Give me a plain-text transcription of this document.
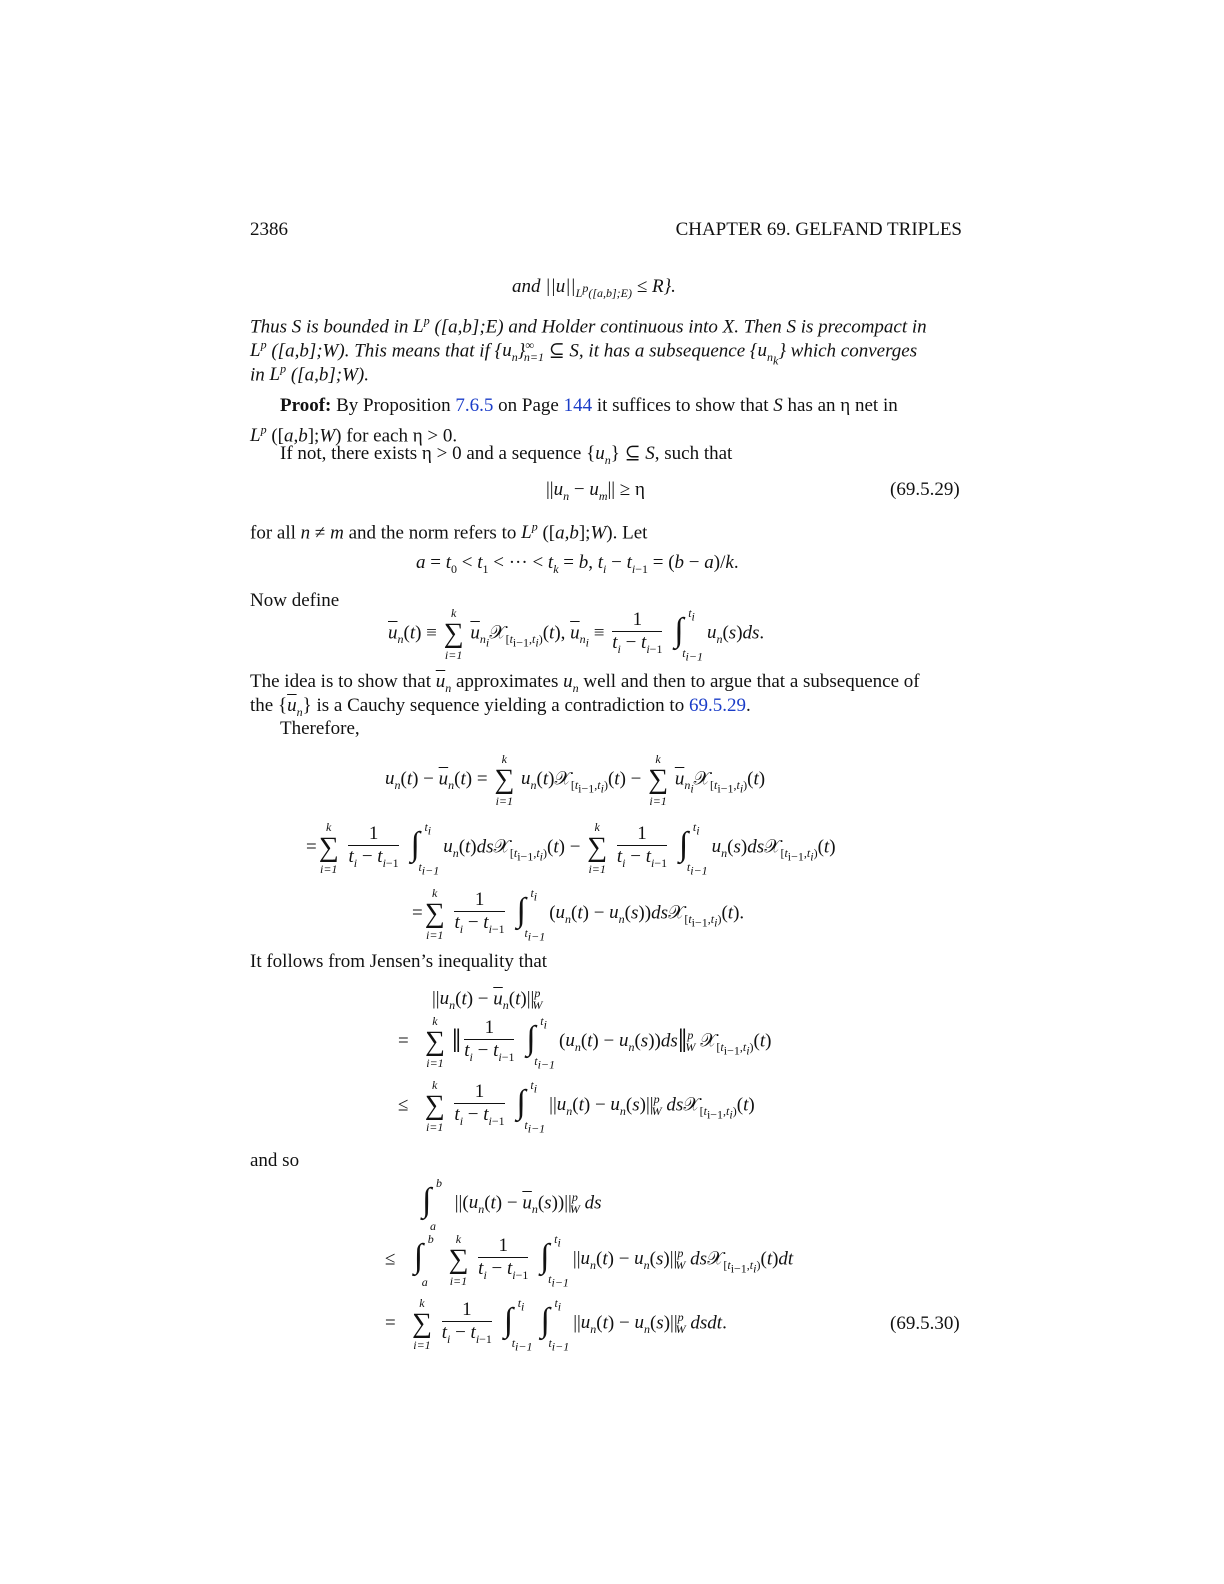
2386	CHAPTER 69. GELFAND TRIPLES
and $||u||_{L^p([a,b];E)} \le R$}.
Thus S is bounded in $L^p$ ([a,b];E) and Holder continuous into X. Then S is precompact in
$L^p$ ([a,b];W). This means that if $\{u_n\}^\infty_{n=1}$ ⊆ S, it has a subsequence $\{u_{n_k}\}$ which converges
in $L^p$ ([a,b];W).
Proof: By Proposition 7.6.5 on Page 144 it suffices to show that S has an η net in
$L^p$ ([a,b];W) for each η > 0.
If not, there exists η > 0 and a sequence $\{u_n\}$ ⊆ S, such that
$||u_n - u_m|| \ge \eta$	(69.5.29)
for all n ≠ m and the norm refers to $L^p$ ([a,b];W). Let
$a = t_0 < t_1$ < ··· < $t_k = b$, $t_i - t_{i-1} = (b - a)/k$.
Now define
$\overline{u}_n(t)$ ≡
k
∑
i=1
$\overline{u}_{n_i}𝒳_{[t_{i-1},t_i)}(t)$, $\overline{u}_{n_i} \equiv \frac{1}{t_i - t_{i-1}}$
∫ $t_i$
$t_{i-1}$
$u_n(s)ds$.
The idea is to show that $\overline{u}_n$ approximates $u_n$ well and then to argue that a subsequence of
the $\{\overline{u}_n\}$ is a Cauchy sequence yielding a contradiction to 69.5.29.
Therefore,
$u_n(t) - \overline{u}_n(t)$ =
k
∑
i=1
$u_n(t)𝒳_{[t_{i-1},t_i)}(t)$ −
k
∑
i=1
$\overline{u}_{n_i}𝒳_{[t_{i-1},t_i)}(t)$
=
k
∑
i=1
$\frac{1}{t_i - t_{i-1}}$
∫ $t_i$
$t_{i-1}$
$u_n(t)ds𝒳_{[t_{i-1},t_i)}(t)$ −
k
∑
i=1
$\frac{1}{t_i - t_{i-1}}$
∫ $t_i$
$t_{i-1}$
$u_n(s)ds𝒳_{[t_{i-1},t_i)}(t)$
=
k
∑
i=1
$\frac{1}{t_i - t_{i-1}}$
∫ $t_i$
$t_{i-1}$
($u_n(t)$ − $u_n(s))ds𝒳_{[t_{i-1},t_i)}(t)$.
It follows from Jensen’s inequality that
$||u_n(t) - \overline{u}_n(t)||^p_W$
=
k
∑
i=1
‖ $\frac{1}{t_i - t_{i-1}}$
∫ $t_i$
$t_{i-1}$
($u_n(t)$ − $u_n(s))ds‖^p_W$ 𝒳$_{[t_{i-1},t_i)}$(t)
≤
k
∑
i=1
$\frac{1}{t_i - t_{i-1}}$
∫ $t_i$
$t_{i-1}$
$||u_n(t) - u_n(s)||^p_W$ ds𝒳$_{[t_{i-1},t_i)}$(t)
and so
∫ b
a
$||(u_n(t) - \overline{u}_n(s))||^p_W$ ds
≤ ∫ b
a

k
∑
i=1
$\frac{1}{t_i - t_{i-1}}$
∫ $t_i$
$t_{i-1}$
$||u_n(t) - u_n(s)||^p_W$ ds𝒳$_{[t_{i-1},t_i)}$(t)dt
=
k
∑
i=1
$\frac{1}{t_i - t_{i-1}}$
∫ $t_i$
$t_{i-1}$

∫ $t_i$
$t_{i-1}$
$||u_n(t) - u_n(s)||^p_W$ dsdt.	(69.5.30)
